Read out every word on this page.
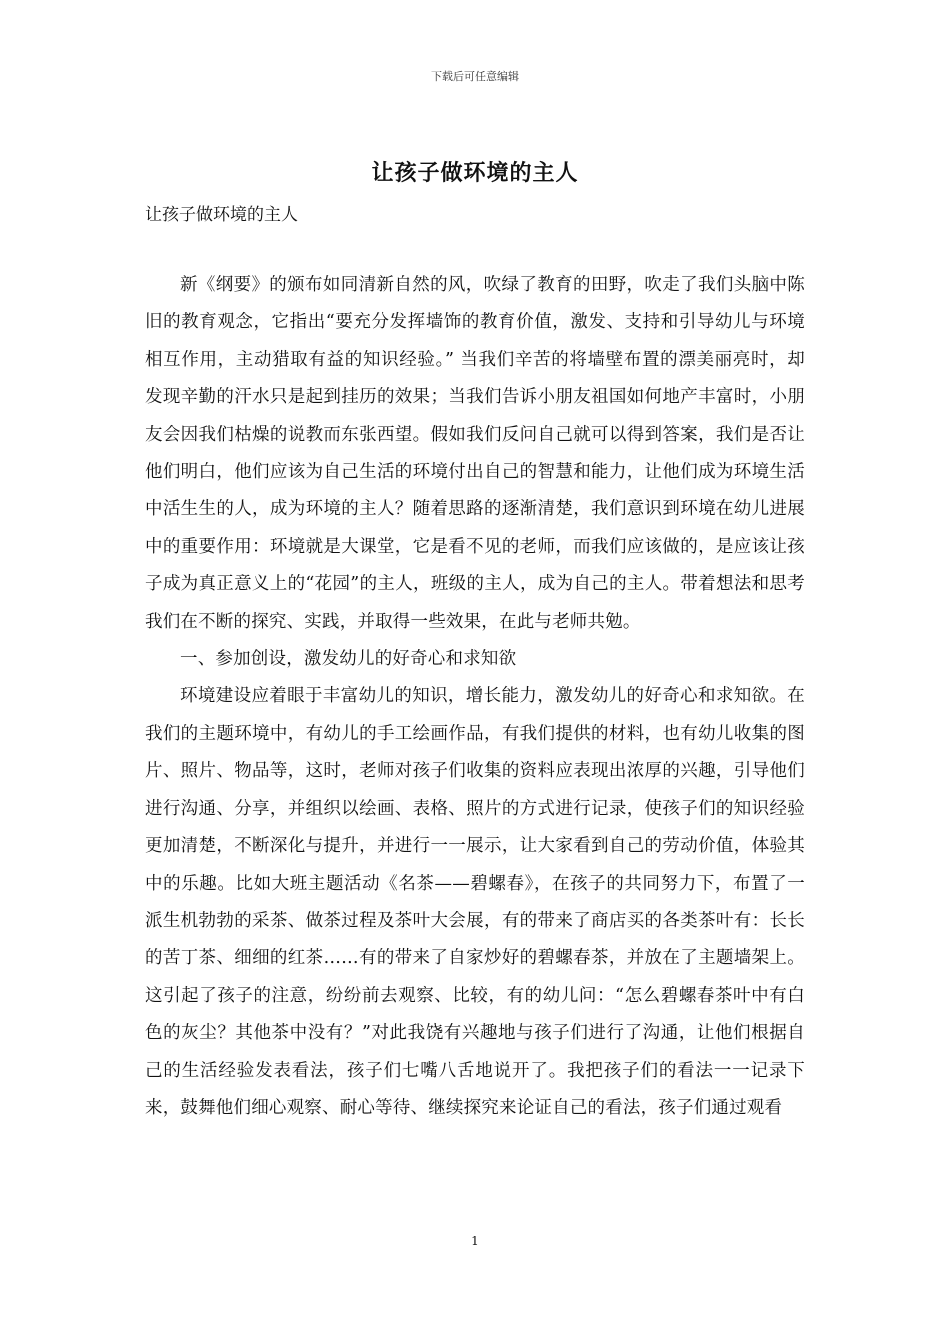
下载后可任意编辑
让孩子做环境的主人

让孩子做环境的主人

新《纲要》的颁布如同清新自然的风，吹绿了教育的田野，吹走了我们头脑中陈旧的教育观念，它指出“要充分发挥墙饰的教育价值，激发、支持和引导幼儿与环境相互作用，主动猎取有益的知识经验。” 当我们辛苦的将墙壁布置的漂美丽亮时，却发现辛勤的汗水只是起到挂历的效果；当我们告诉小朋友祖国如何地产丰富时，小朋友会因我们枯燥的说教而东张西望。假如我们反问自己就可以得到答案，我们是否让他们明白，他们应该为自己生活的环境付出自己的智慧和能力，让他们成为环境生活中活生生的人，成为环境的主人？随着思路的逐渐清楚，我们意识到环境在幼儿进展中的重要作用：环境就是大课堂，它是看不见的老师，而我们应该做的，是应该让孩子成为真正意义上的“花园”的主人，班级的主人，成为自己的主人。带着想法和思考我们在不断的探究、实践，并取得一些效果，在此与老师共勉。

一、参加创设，激发幼儿的好奇心和求知欲

环境建设应着眼于丰富幼儿的知识，增长能力，激发幼儿的好奇心和求知欲。在我们的主题环境中，有幼儿的手工绘画作品，有我们提供的材料，也有幼儿收集的图片、照片、物品等，这时，老师对孩子们收集的资料应表现出浓厚的兴趣，引导他们进行沟通、分享，并组织以绘画、表格、照片的方式进行记录，使孩子们的知识经验更加清楚，不断深化与提升，并进行一一展示，让大家看到自己的劳动价值，体验其中的乐趣。比如大班主题活动《名茶——碧螺春》，在孩子的共同努力下，布置了一派生机勃勃的采茶、做茶过程及茶叶大会展，有的带来了商店买的各类茶叶有：长长的苦丁茶、细细的红茶……有的带来了自家炒好的碧螺春茶，并放在了主题墙架上。这引起了孩子的注意，纷纷前去观察、比较，有的幼儿问：“怎么碧螺春茶叶中有白色的灰尘？其他茶中没有？”对此我饶有兴趣地与孩子们进行了沟通，让他们根据自己的生活经验发表看法，孩子们七嘴八舌地说开了。我把孩子们的看法一一记录下来，鼓舞他们细心观察、耐心等待、继续探究来论证自己的看法，孩子们通过观看

1
